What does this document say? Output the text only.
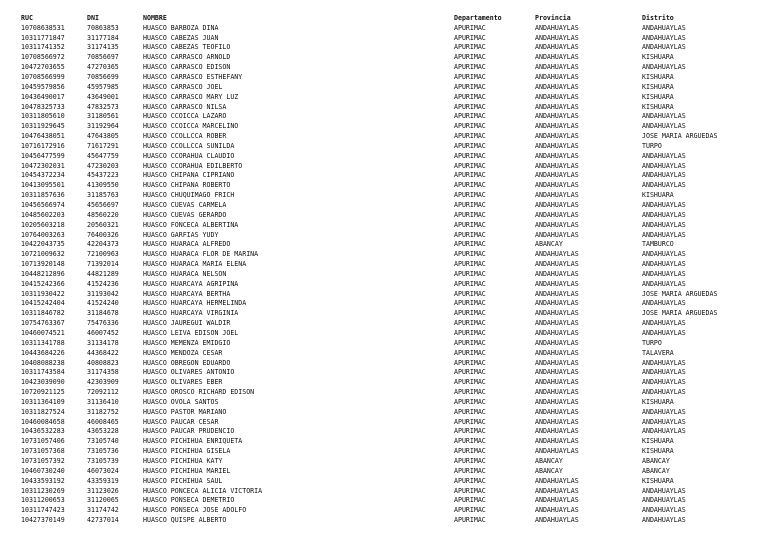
RUC	DNI	NOMBRE	Departamento	Provincia	Distrito
10708638531	70863853	HUASCO BARBOZA DINA	APURIMAC	ANDAHUAYLAS	ANDAHUAYLAS
10311771847	31177184	HUASCO CABEZAS JUAN	APURIMAC	ANDAHUAYLAS	ANDAHUAYLAS
10311741352	31174135	HUASCO CABEZAS TEOFILO	APURIMAC	ANDAHUAYLAS	ANDAHUAYLAS
10708566972	70856697	HUASCO CARRASCO ARNOLD	APURIMAC	ANDAHUAYLAS	KISHUARA
10472703655	47270365	HUASCO CARRASCO EDISON	APURIMAC	ANDAHUAYLAS	ANDAHUAYLAS
10708566999	70856699	HUASCO CARRASCO ESTHEFANY	APURIMAC	ANDAHUAYLAS	KISHUARA
10459579856	45957985	HUASCO CARRASCO JOEL	APURIMAC	ANDAHUAYLAS	KISHUARA
10436490017	43649001	HUASCO CARRASCO MARY LUZ	APURIMAC	ANDAHUAYLAS	KISHUARA
10478325733	47832573	HUASCO CARRASCO NILSA	APURIMAC	ANDAHUAYLAS	KISHUARA
10311805610	31180561	HUASCO CCOICCA LAZARO	APURIMAC	ANDAHUAYLAS	ANDAHUAYLAS
10311929645	31192964	HUASCO CCOICCA MARCELINO	APURIMAC	ANDAHUAYLAS	ANDAHUAYLAS
10476438051	47643805	HUASCO CCOLLCCA ROBER	APURIMAC	ANDAHUAYLAS	JOSE MARIA ARGUEDAS
10716172916	71617291	HUASCO CCOLLCCA SUNILDA	APURIMAC	ANDAHUAYLAS	TURPO
10456477599	45647759	HUASCO CCORAHUA CLAUDIO	APURIMAC	ANDAHUAYLAS	ANDAHUAYLAS
10472302031	47230203	HUASCO CCORAHUA EDILBERTO	APURIMAC	ANDAHUAYLAS	ANDAHUAYLAS
10454372234	45437223	HUASCO CHIPANA CIPRIANO	APURIMAC	ANDAHUAYLAS	ANDAHUAYLAS
10413095501	41309550	HUASCO CHIPANA ROBERTO	APURIMAC	ANDAHUAYLAS	ANDAHUAYLAS
10311857636	31185763	HUASCO CHUQUIMAGO FRICH	APURIMAC	ANDAHUAYLAS	KISHUARA
10456566974	45656697	HUASCO CUEVAS CARMELA	APURIMAC	ANDAHUAYLAS	ANDAHUAYLAS
10485602203	48560220	HUASCO CUEVAS GERARDO	APURIMAC	ANDAHUAYLAS	ANDAHUAYLAS
10205603218	20560321	HUASCO FONCECA ALBERTINA	APURIMAC	ANDAHUAYLAS	ANDAHUAYLAS
10764003263	76400326	HUASCO GARFIAS YUDY	APURIMAC	ANDAHUAYLAS	ANDAHUAYLAS
10422043735	42204373	HUASCO HUARACA ALFREDO	APURIMAC	ABANCAY	TAMBURCO
10721009632	72100963	HUASCO HUARACA FLOR DE MARINA	APURIMAC	ANDAHUAYLAS	ANDAHUAYLAS
10713920148	71392014	HUASCO HUARACA MARÍA ELENA	APURIMAC	ANDAHUAYLAS	ANDAHUAYLAS
10448212896	44821289	HUASCO HUARACA NELSON	APURIMAC	ANDAHUAYLAS	ANDAHUAYLAS
10415242366	41524236	HUASCO HUARCAYA AGRIPINA	APURIMAC	ANDAHUAYLAS	ANDAHUAYLAS
10311930422	31193042	HUASCO HUARCAYA BERTHA	APURIMAC	ANDAHUAYLAS	JOSE MARIA ARGUEDAS
10415242404	41524240	HUASCO HUARCAYA HERMELINDA	APURIMAC	ANDAHUAYLAS	ANDAHUAYLAS
10311846782	31184678	HUASCO HUARCAYA VIRGINIA	APURIMAC	ANDAHUAYLAS	JOSE MARIA ARGUEDAS
10754763367	75476336	HUASCO JAUREGUI WALDIR	APURIMAC	ANDAHUAYLAS	ANDAHUAYLAS
10460074521	46007452	HUASCO LEIVA EDISON JOEL	APURIMAC	ANDAHUAYLAS	ANDAHUAYLAS
10311341788	31134178	HUASCO MEMENZA EMIDGIO	APURIMAC	ANDAHUAYLAS	TURPO
10443684226	44368422	HUASCO MENDOZA CESAR	APURIMAC	ANDAHUAYLAS	TALAVERA
10408088238	40808823	HUASCO OBREGON EDUARDO	APURIMAC	ANDAHUAYLAS	ANDAHUAYLAS
10311743584	31174358	HUASCO OLIVARES ANTONIO	APURIMAC	ANDAHUAYLAS	ANDAHUAYLAS
10423039090	42303909	HUASCO OLIVARES EBER	APURIMAC	ANDAHUAYLAS	ANDAHUAYLAS
10720921125	72092112	HUASCO OROSCO RICHARD EDISON	APURIMAC	ANDAHUAYLAS	ANDAHUAYLAS
10311364109	31136410	HUASCO OVOLA SANTOS	APURIMAC	ANDAHUAYLAS	KISHUARA
10311827524	31182752	HUASCO PASTOR MARIANO	APURIMAC	ANDAHUAYLAS	ANDAHUAYLAS
10460084658	46008465	HUASCO PAUCAR CESAR	APURIMAC	ANDAHUAYLAS	ANDAHUAYLAS
10436532283	43653228	HUASCO PAUCAR PRUDENCIO	APURIMAC	ANDAHUAYLAS	ANDAHUAYLAS
10731057406	73105740	HUASCO PICHIHUA ENRIQUETA	APURIMAC	ANDAHUAYLAS	KISHUARA
10731057368	73105736	HUASCO PICHIHUA GISELA	APURIMAC	ANDAHUAYLAS	KISHUARA
10731057392	73105739	HUASCO PICHIHUA KATY	APURIMAC	ABANCAY	ABANCAY
10460730240	46073024	HUASCO PICHIHUA MARIEL	APURIMAC	ABANCAY	ABANCAY
10433593192	43359319	HUASCO PICHIHUA SAUL	APURIMAC	ANDAHUAYLAS	KISHUARA
10311230269	31123026	HUASCO PONCECA ALICIA VICTORIA	APURIMAC	ANDAHUAYLAS	ANDAHUAYLAS
10311200653	31120065	HUASCO PONSECA DEMETRIO	APURIMAC	ANDAHUAYLAS	ANDAHUAYLAS
10311747423	31174742	HUASCO PONSECA JOSE ADOLFO	APURIMAC	ANDAHUAYLAS	ANDAHUAYLAS
10427370149	42737014	HUASCO QUISPE ALBERTO	APURIMAC	ANDAHUAYLAS	ANDAHUAYLAS
